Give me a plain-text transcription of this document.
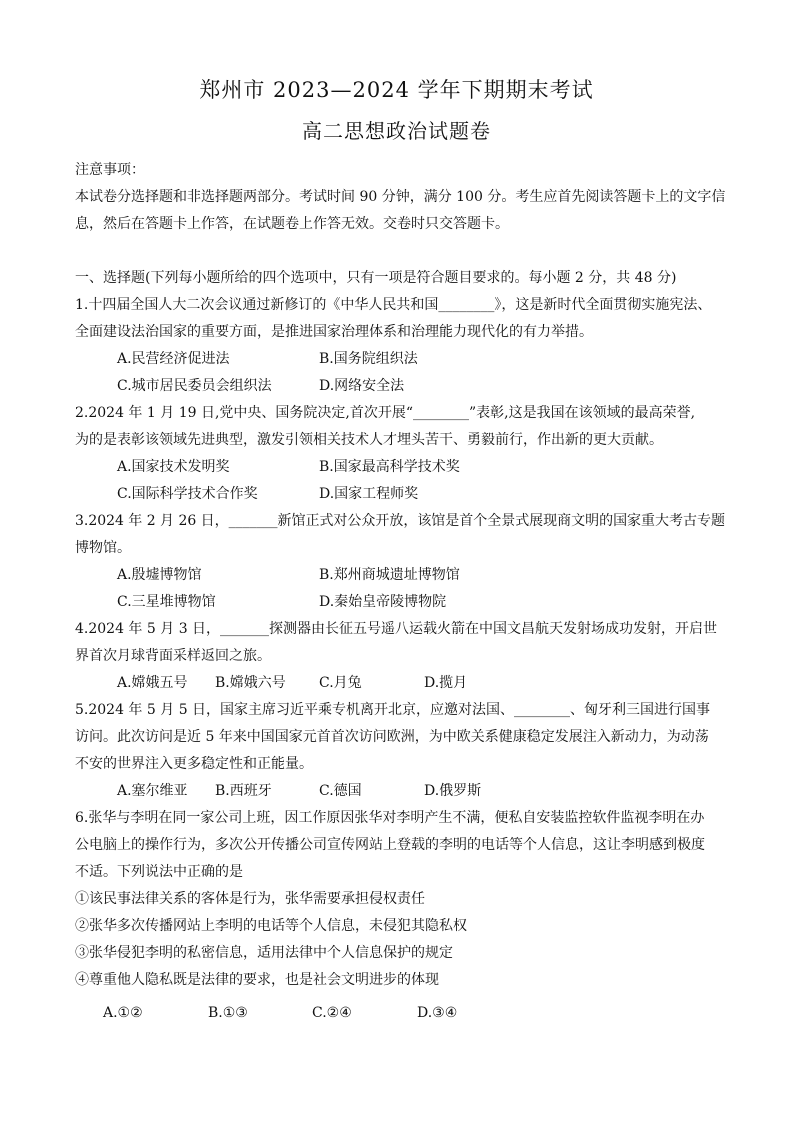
郑州市 2023—2024 学年下期期末考试
高二思想政治试题卷
注意事项：
本试卷分选择题和非选择题两部分。考试时间 90 分钟，满分 100 分。考生应首先阅读答题卡上的文字信
息，然后在答题卡上作答，在试题卷上作答无效。交卷时只交答题卡。
一、选择题(下列每小题所给的四个选项中，只有一项是符合题目要求的。每小题 2 分，共 48 分)
1.十四届全国人大二次会议通过新修订的《中华人民共和国________》，这是新时代全面贯彻实施宪法、
全面建设法治国家的重要方面，是推进国家治理体系和治理能力现代化的有力举措。
A.民营经济促进法	B.国务院组织法
C.城市居民委员会组织法	D.网络安全法
2.2024 年 1 月 19 日,党中央、国务院决定,首次开展“________”表彰,这是我国在该领域的最高荣誉,
为的是表彰该领域先进典型，激发引领相关技术人才埋头苦干、勇毅前行，作出新的更大贡献。
A.国家技术发明奖	B.国家最高科学技术奖
C.国际科学技术合作奖	D.国家工程师奖
3.2024 年 2 月 26 日，_______新馆正式对公众开放，该馆是首个全景式展现商文明的国家重大考古专题
博物馆。
A.殷墟博物馆	B.郑州商城遗址博物馆
C.三星堆博物馆	D.秦始皇帝陵博物院
4.2024 年 5 月 3 日，_______探测器由长征五号遥八运载火箭在中国文昌航天发射场成功发射，开启世
界首次月球背面采样返回之旅。
A.嫦娥五号 B.嫦娥六号 C.月兔	D.揽月
5.2024 年 5 月 5 日，国家主席习近平乘专机离开北京，应邀对法国、________、匈牙利三国进行国事
访问。此次访问是近 5 年来中国国家元首首次访问欧洲，为中欧关系健康稳定发展注入新动力，为动荡
不安的世界注入更多稳定性和正能量。
A.塞尔维亚 B.西班牙	C.德国	D.俄罗斯
6.张华与李明在同一家公司上班，因工作原因张华对李明产生不满，便私自安装监控软件监视李明在办
公电脑上的操作行为，多次公开传播公司宣传网站上登载的李明的电话等个人信息，这让李明感到极度
不适。下列说法中正确的是
①该民事法律关系的客体是行为，张华需要承担侵权责任
②张华多次传播网站上李明的电话等个人信息，未侵犯其隐私权
③张华侵犯李明的私密信息，适用法律中个人信息保护的规定
④尊重他人隐私既是法律的要求，也是社会文明进步的体现
A.①②	B.①③	C.②④	D.③④
